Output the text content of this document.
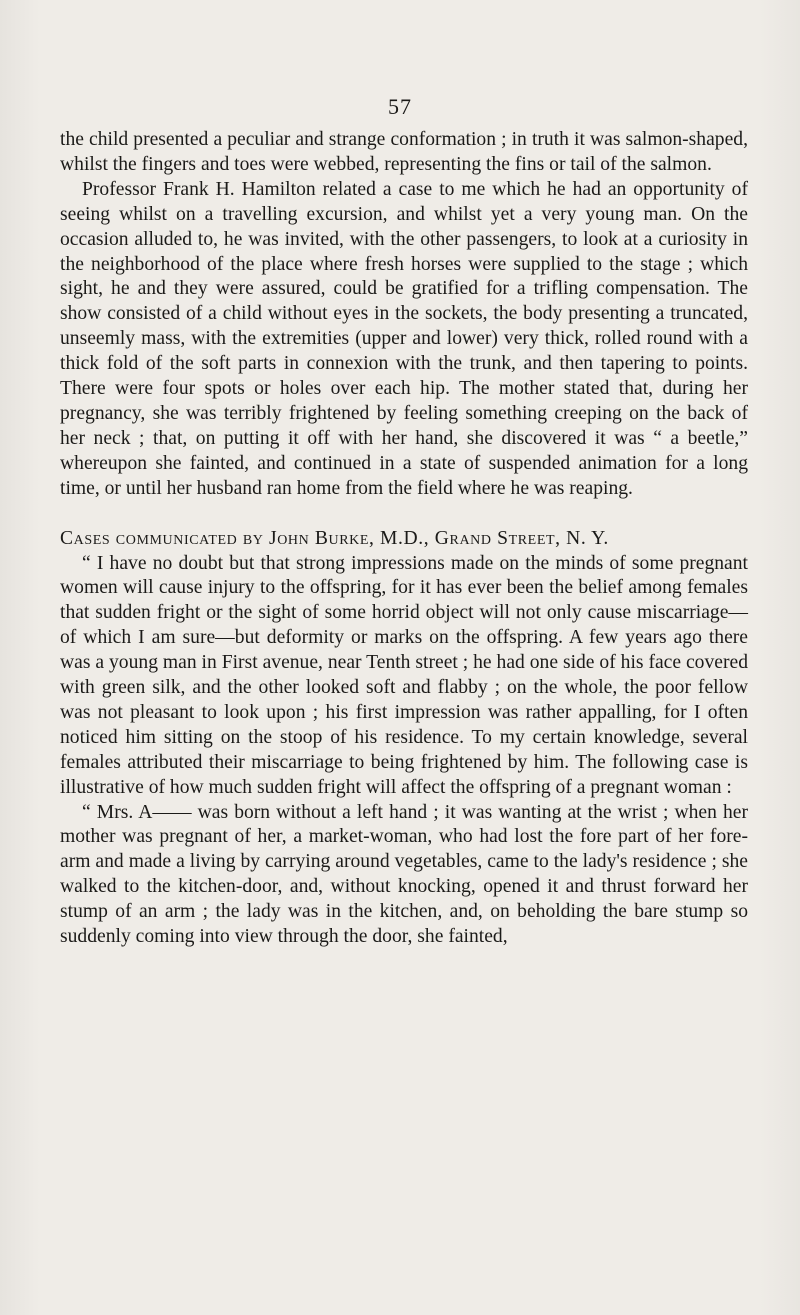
57

the child presented a peculiar and strange conformation ; in truth it was salmon-shaped, whilst the fingers and toes were webbed, representing the fins or tail of the salmon.

Professor Frank H. Hamilton related a case to me which he had an opportunity of seeing whilst on a travelling excursion, and whilst yet a very young man. On the occasion alluded to, he was invited, with the other passengers, to look at a curiosity in the neighborhood of the place where fresh horses were supplied to the stage ; which sight, he and they were assured, could be gratified for a trifling compensation. The show consisted of a child without eyes in the sockets, the body presenting a truncated, unseemly mass, with the extremities (upper and lower) very thick, rolled round with a thick fold of the soft parts in connexion with the trunk, and then tapering to points. There were four spots or holes over each hip. The mother stated that, during her pregnancy, she was terribly frightened by feeling something creeping on the back of her neck ; that, on putting it off with her hand, she discovered it was “ a beetle,” whereupon she fainted, and continued in a state of suspended animation for a long time, or until her husband ran home from the field where he was reaping.

Cases communicated by John Burke, M.D., Grand Street, N. Y.

“ I have no doubt but that strong impressions made on the minds of some pregnant women will cause injury to the offspring, for it has ever been the belief among females that sudden fright or the sight of some horrid object will not only cause miscarriage—of which I am sure—but deformity or marks on the offspring. A few years ago there was a young man in First avenue, near Tenth street ; he had one side of his face covered with green silk, and the other looked soft and flabby ; on the whole, the poor fellow was not pleasant to look upon ; his first impression was rather appalling, for I often noticed him sitting on the stoop of his residence. To my certain knowledge, several females attributed their miscarriage to being frightened by him. The following case is illustrative of how much sudden fright will affect the offspring of a pregnant woman :

“ Mrs. A—— was born without a left hand ; it was wanting at the wrist ; when her mother was pregnant of her, a market-woman, who had lost the fore part of her fore-arm and made a living by carrying around vegetables, came to the lady's residence ; she walked to the kitchen-door, and, without knocking, opened it and thrust forward her stump of an arm ; the lady was in the kitchen, and, on beholding the bare stump so suddenly coming into view through the door, she fainted,
